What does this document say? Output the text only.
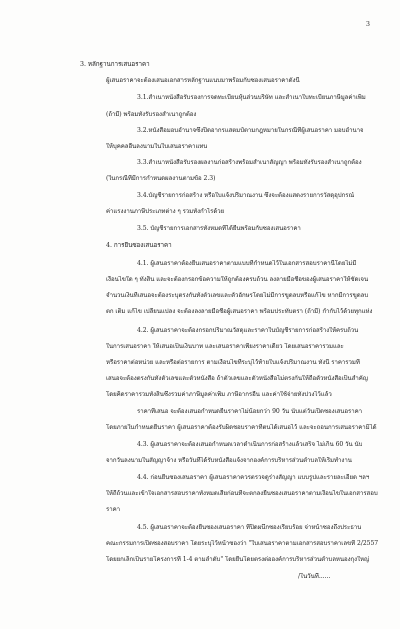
3
3. หลักฐานการเสนอราคา
ผู้เสนอราคาจะต้องเสนอเอกสารหลักฐานแนบมาพร้อมกับซองเสนอราคาดังนี้
3.1.สำเนาหนังสือรับรองการจดทะเบียนหุ้นส่วนบริษัท และสำเนาใบทะเบียนภาษีมูลค่าเพิ่ม
(ถ้ามี) พร้อมทั้งรับรองสำเนาถูกต้อง
3.2.หนังสือมอบอำนาจซึ่งปิดอากรแสตมป์ตามกฎหมายในกรณีที่ผู้เสนอราคา มอบอำนาจ
ให้บุคคลอื่นลงนามในใบเสนอราคาแทน
3.3.สำเนาหนังสือรับรองผลงานก่อสร้างพร้อมสำเนาสัญญา พร้อมทั้งรับรองสำเนาถูกต้อง
(ในกรณีที่มีการกำหนดผลงานตามข้อ 2.3)
3.4.บัญชีรายการก่อสร้าง หรือใบแจ้งปริมาณงาน ซึ่งจะต้องแสดงรายการวัสดุอุปกรณ์
ค่าแรงงานภาษีประเภทต่าง ๆ รวมทั้งกำไรด้วย
3.5. บัญชีรายการเอกสารทั้งหมดที่ได้ยื่นพร้อมกับซองเสนอราคา
4. การยื่นซองเสนอราคา
4.1. ผู้เสนอราคาต้องยื่นเสนอราคาตามแบบที่กำหนดไว้ในเอกสารสอบราคานี้โดยไม่มี
เงื่อนไขใด ๆ ทั้งสิ้น และจะต้องกรอกข้อความให้ถูกต้องครบถ้วน ลงลายมือชื่อของผู้เสนอราคาให้ชัดเจน
จำนวนเงินที่เสนอจะต้องระบุตรงกันทั้งตัวเลขและตัวอักษรโดยไม่มีการขูดลบหรือแก้ไข หากมีการขูดลบ
ตก เติม แก้ไข เปลี่ยนแปลง จะต้องลงลายมือชื่อผู้เสนอราคา พร้อมประทับตรา (ถ้ามี) กำกับไว้ด้วยทุกแห่ง
4.2. ผู้เสนอราคาจะต้องกรอกปริมาณวัสดุและราคาในบัญชีรายการก่อสร้างให้ครบถ้วน
ในการเสนอราคา ให้เสนอเป็นเงินบาท และเสนอราคาเพียงราคาเดียว โดยเสนอราคารวมและ
หรือราคาต่อหน่วย และหรือต่อรายการ ตามเงื่อนไขที่ระบุไว้ท้ายใบแจ้งปริมาณงาน ทั้งนี้ ราคารวมที่
เสนอจะต้องตรงกันทั้งตัวเลขและตัวหนังสือ ถ้าตัวเลขและตัวหนังสือไม่ตรงกันให้ถือตัวหนังสือเป็นสำคัญ
โดยคิดราคารวมทั้งสิ้นซึ่งรวมค่าภาษีมูลค่าเพิ่ม ภาษีอากรอื่น และค่าใช้จ่ายทั้งปวงไว้แล้ว
ราคาที่เสนอ จะต้องเสนอกำหนดยืนราคาไม่น้อยกว่า 90 วัน นับแต่วันเปิดซองเสนอราคา
โดยภายในกำหนดยืนราคา ผู้เสนอราคาต้องรับผิดชอบราคาที่ตนได้เสนอไว้ และจะถอนการเสนอราคามิได้
4.3. ผู้เสนอราคาจะต้องเสนอกำหนดเวลาดำเนินการก่อสร้างแล้วเสร็จ ไม่เกิน 60 วัน นับ
จากวันลงนามในสัญญาจ้าง หรือวันที่ได้รับหนังสือแจ้งจากองค์การบริหารส่วนตำบลให้เริ่มทำงาน
4.4. ก่อนยื่นซองเสนอราคา ผู้เสนอราคาควรตรวจดูร่างสัญญา แบบรูปและรายละเอียด ฯลฯ
ให้ถี่ถ้วนและเข้าใจเอกสารสอบราคาทั้งหมดเสียก่อนที่จะตกลงยื่นซองเสนอราคาตามเงื่อนไขในเอกสารสอบ
ราคา
4.5. ผู้เสนอราคาจะต้องยื่นซองเสนอราคา ที่ปิดผนึกซองเรียบร้อย จ่าหน้าซองถึงประธาน
คณะกรรมการเปิดซองสอบราคา โดยระบุไว้หน้าซองว่า "ใบเสนอราคาตามเอกสารสอบราคาเลขที่ 2/2557
โดยยกเลิกเป็นรายโครงการที่ 1-4 ตามลำดับ" โดยยื่นโดยตรงต่อองค์การบริหารส่วนตำบลหนองกุงใหญ่
/ในวันที่......
